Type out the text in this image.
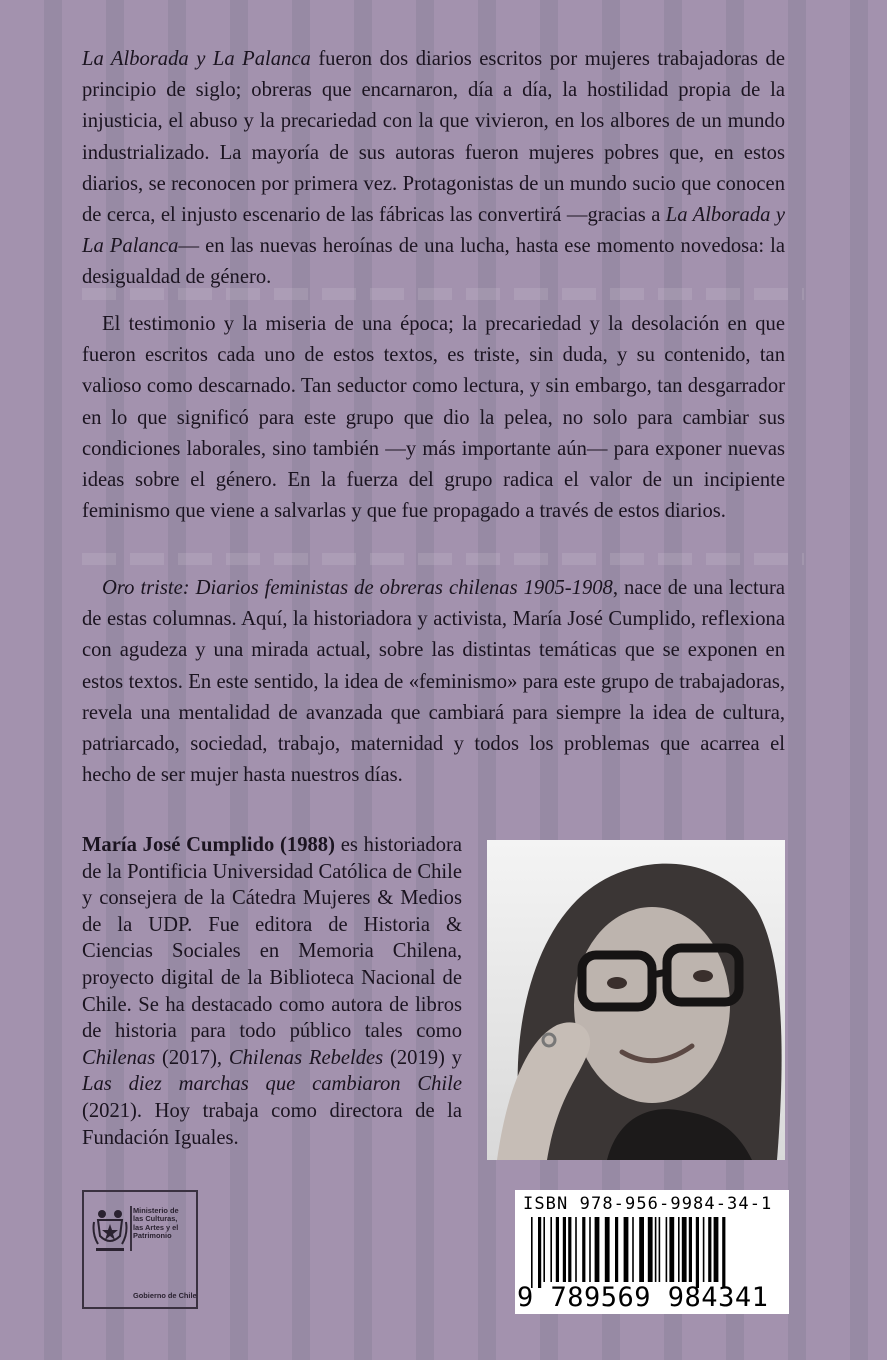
La Alborada y La Palanca fueron dos diarios escritos por mujeres trabajadoras de principio de siglo; obreras que encarnaron, día a día, la hostilidad propia de la injusticia, el abuso y la precariedad con la que vivieron, en los albores de un mundo industrializado. La mayoría de sus autoras fueron mujeres pobres que, en estos diarios, se reconocen por primera vez. Protagonistas de un mundo sucio que conocen de cerca, el injusto escenario de las fábricas las convertirá —gracias a La Alborada y La Palanca— en las nuevas heroínas de una lucha, hasta ese momento novedosa: la desigualdad de género.

El testimonio y la miseria de una época; la precariedad y la desolación en que fueron escritos cada uno de estos textos, es triste, sin duda, y su contenido, tan valioso como descarnado. Tan seductor como lectura, y sin embargo, tan desgarrador en lo que significó para este grupo que dio la pelea, no solo para cambiar sus condiciones laborales, sino también —y más importante aún— para exponer nuevas ideas sobre el género. En la fuerza del grupo radica el valor de un incipiente feminismo que viene a salvarlas y que fue propagado a través de estos diarios.

Oro triste: Diarios feministas de obreras chilenas 1905-1908, nace de una lectura de estas columnas. Aquí, la historiadora y activista, María José Cumplido, reflexiona con agudeza y una mirada actual, sobre las distintas temáticas que se exponen en estos textos. En este sentido, la idea de «feminismo» para este grupo de trabajadoras, revela una mentalidad de avanzada que cambiará para siempre la idea de cultura, patriarcado, sociedad, trabajo, maternidad y todos los problemas que acarrea el hecho de ser mujer hasta nuestros días.

María José Cumplido (1988) es historiadora de la Pontificia Universidad Católica de Chile y consejera de la Cátedra Mujeres & Medios de la UDP. Fue editora de Historia & Ciencias Sociales en Memoria Chilena, proyecto digital de la Biblioteca Nacional de Chile. Se ha destacado como autora de libros de historia para todo público tales como Chilenas (2017), Chilenas Rebeldes (2019) y Las diez marchas que cambiaron Chile (2021). Hoy trabaja como directora de la Fundación Iguales.

Ministerio de
las Culturas,
las Artes y el
Patrimonio

Gobierno de Chile

ISBN 978-956-9984-34-1

9 789569 984341
